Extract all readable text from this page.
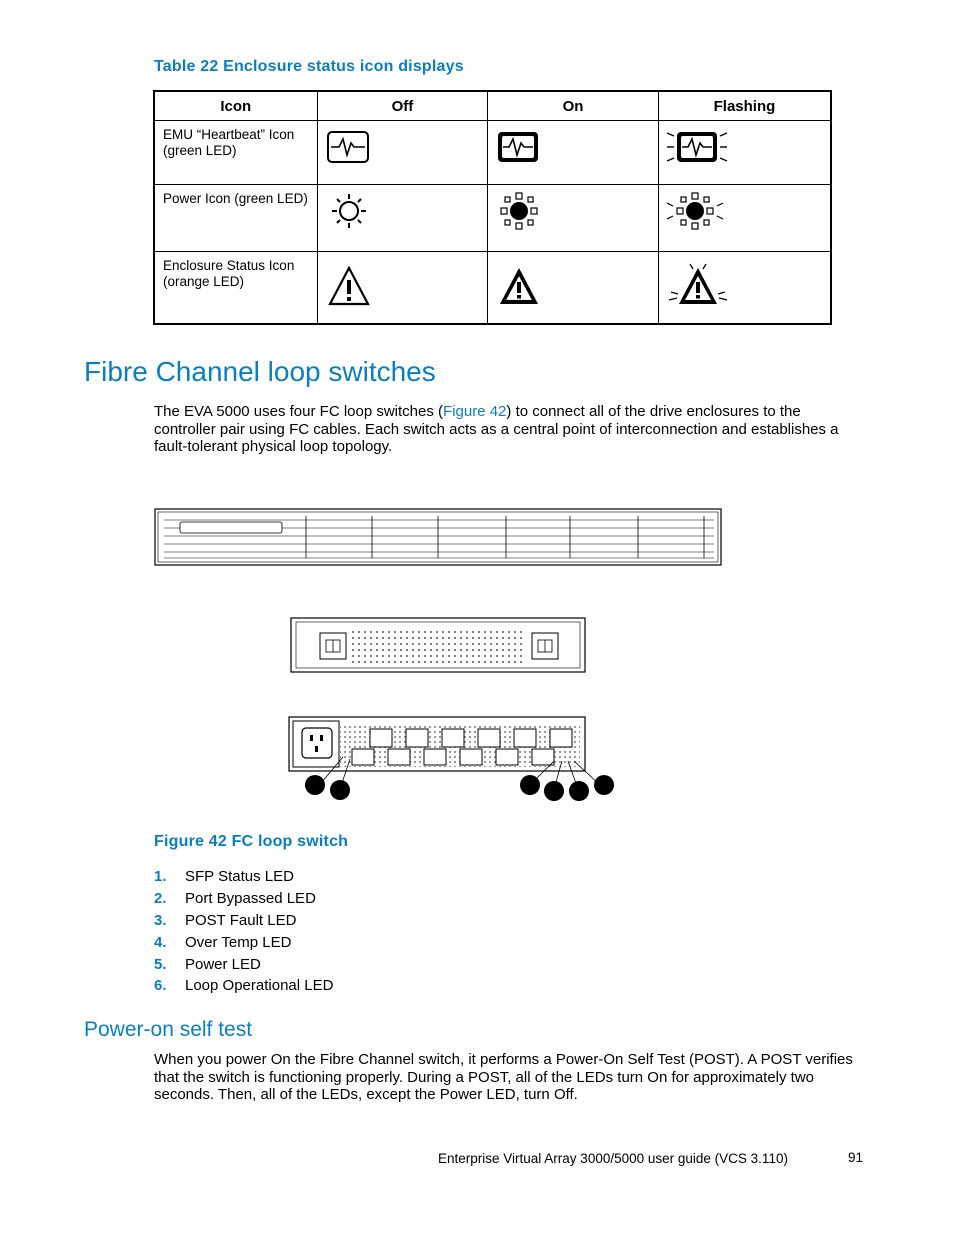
Table 22 Enclosure status icon displays
Icon	Off	On	Flashing
EMU “Heartbeat” Icon (green LED)	

Power Icon (green LED)	

Enclosure Status Icon (orange LED)	

Fibre Channel loop switches

The EVA 5000 uses four FC loop switches (Figure 42) to connect all of the drive enclosures to the controller pair using FC cables. Each switch acts as a central point of interconnection and establishes a fault-tolerant physical loop topology.

Figure 42 FC loop switch
1. SFP Status LED
2. Port Bypassed LED
3. POST Fault LED
4. Over Temp LED
5. Power LED
6. Loop Operational LED
Power-on self test

When you power On the Fibre Channel switch, it performs a Power-On Self Test (POST). A POST verifies that the switch is functioning properly. During a POST, all of the LEDs turn On for approximately two seconds. Then, all of the LEDs, except the Power LED, turn Off.

Enterprise Virtual Array 3000/5000 user guide (VCS 3.110)	91
